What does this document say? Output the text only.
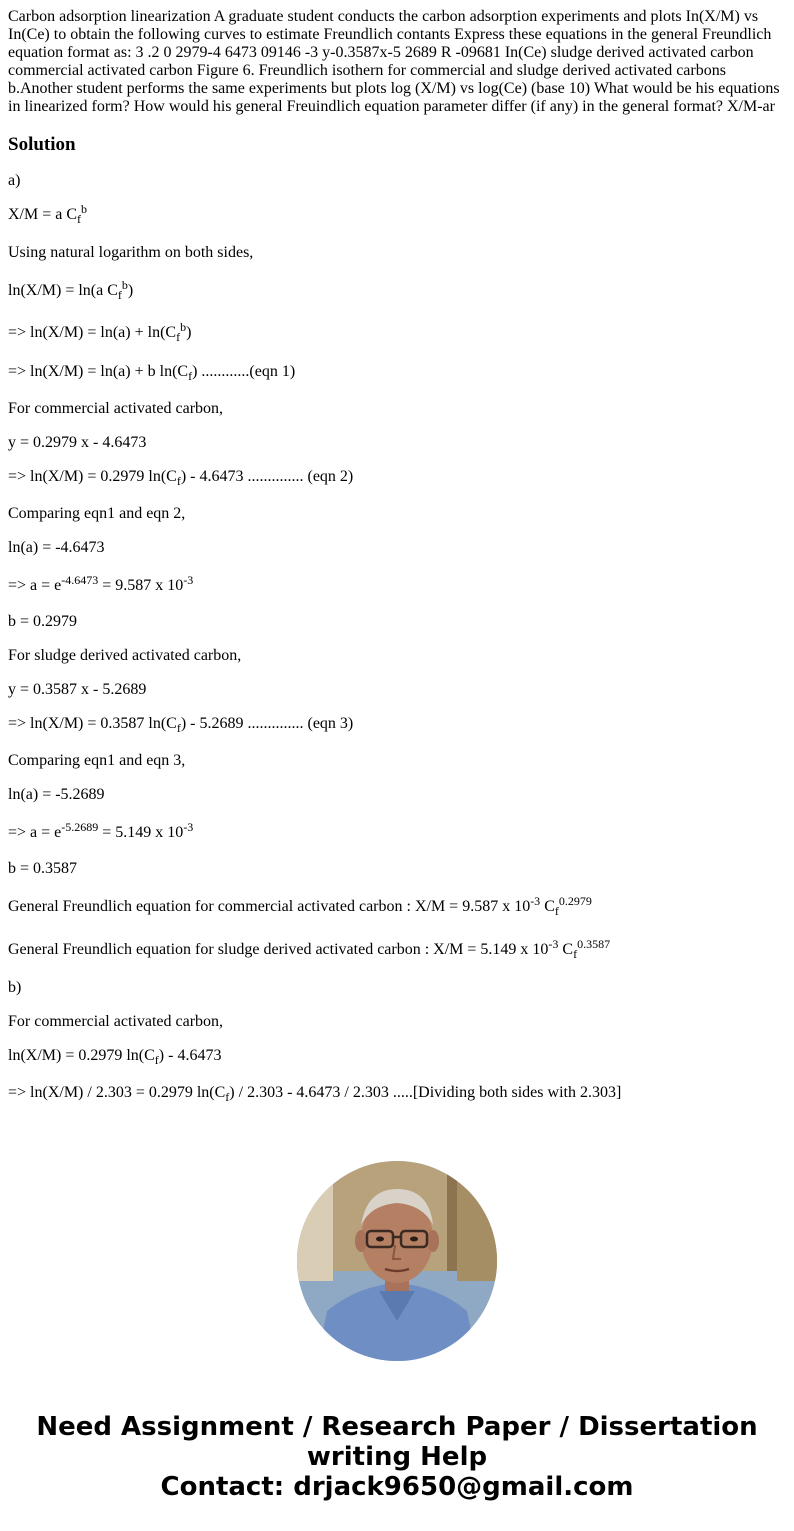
Carbon adsorption linearization A graduate student conducts the carbon adsorption experiments and plots In(X/M) vs In(Ce) to obtain the following curves to estimate Freundlich contants Express these equations in the general Freundlich equation format as: 3 .2 0 2979-4 6473 09146 -3 y-0.3587x-5 2689 R -09681 In(Ce) sludge derived activated carbon commercial activated carbon Figure 6. Freundlich isothern for commercial and sludge derived activated carbons b.Another student performs the same experiments but plots log (X/M) vs log(Ce) (base 10) What would be his equations in linearized form? How would his general Freuindlich equation parameter differ (if any) in the general format? X/M-ar

Solution

a)

X/M = a $C_f^b$

Using natural logarithm on both sides,

ln(X/M) = ln(a $C_f^b$)

=> $\ln(X/M) = \ln(a) + \ln(C_f^b)$

=> ln(X/M) = ln(a) + b $\ln(C_f)$ ............(eqn 1)

For commercial activated carbon,

y = 0.2979 x - 4.6473

=> ln(X/M) = 0.2979 $\ln(C_f) - 4.6473$ .............. (eqn 2)

Comparing eqn1 and eqn 2,

ln(a) = -4.6473

=> $a = e^{-4.6473} = 9.587$ x $10^{-3}$

b = 0.2979

For sludge derived activated carbon,

y = 0.3587 x - 5.2689

=> ln(X/M) = 0.3587 $\ln(C_f) - 5.2689$ .............. (eqn 3)

Comparing eqn1 and eqn 3,

ln(a) = -5.2689

=> $a = e^{-5.2689} = 5.149$ x $10^{-3}$

b = 0.3587

General Freundlich equation for commercial activated carbon : X/M = 9.587 x $10^{-3}$ $C_f^{0.2979}$

General Freundlich equation for sludge derived activated carbon : X/M = 5.149 x $10^{-3}$ $C_f^{0.3587}$

b)

For commercial activated carbon,

ln(X/M) = 0.2979 $\ln(C_f) - 4.6473$

=> ln(X/M) / 2.303 = 0.2979 $\ln(C_f) / 2.303 - 4.6473 / 2.303$ .....[Dividing both sides with 2.303]

Need Assignment / Research Paper / Dissertation
writing Help
Contact: drjack9650@gmail.com
